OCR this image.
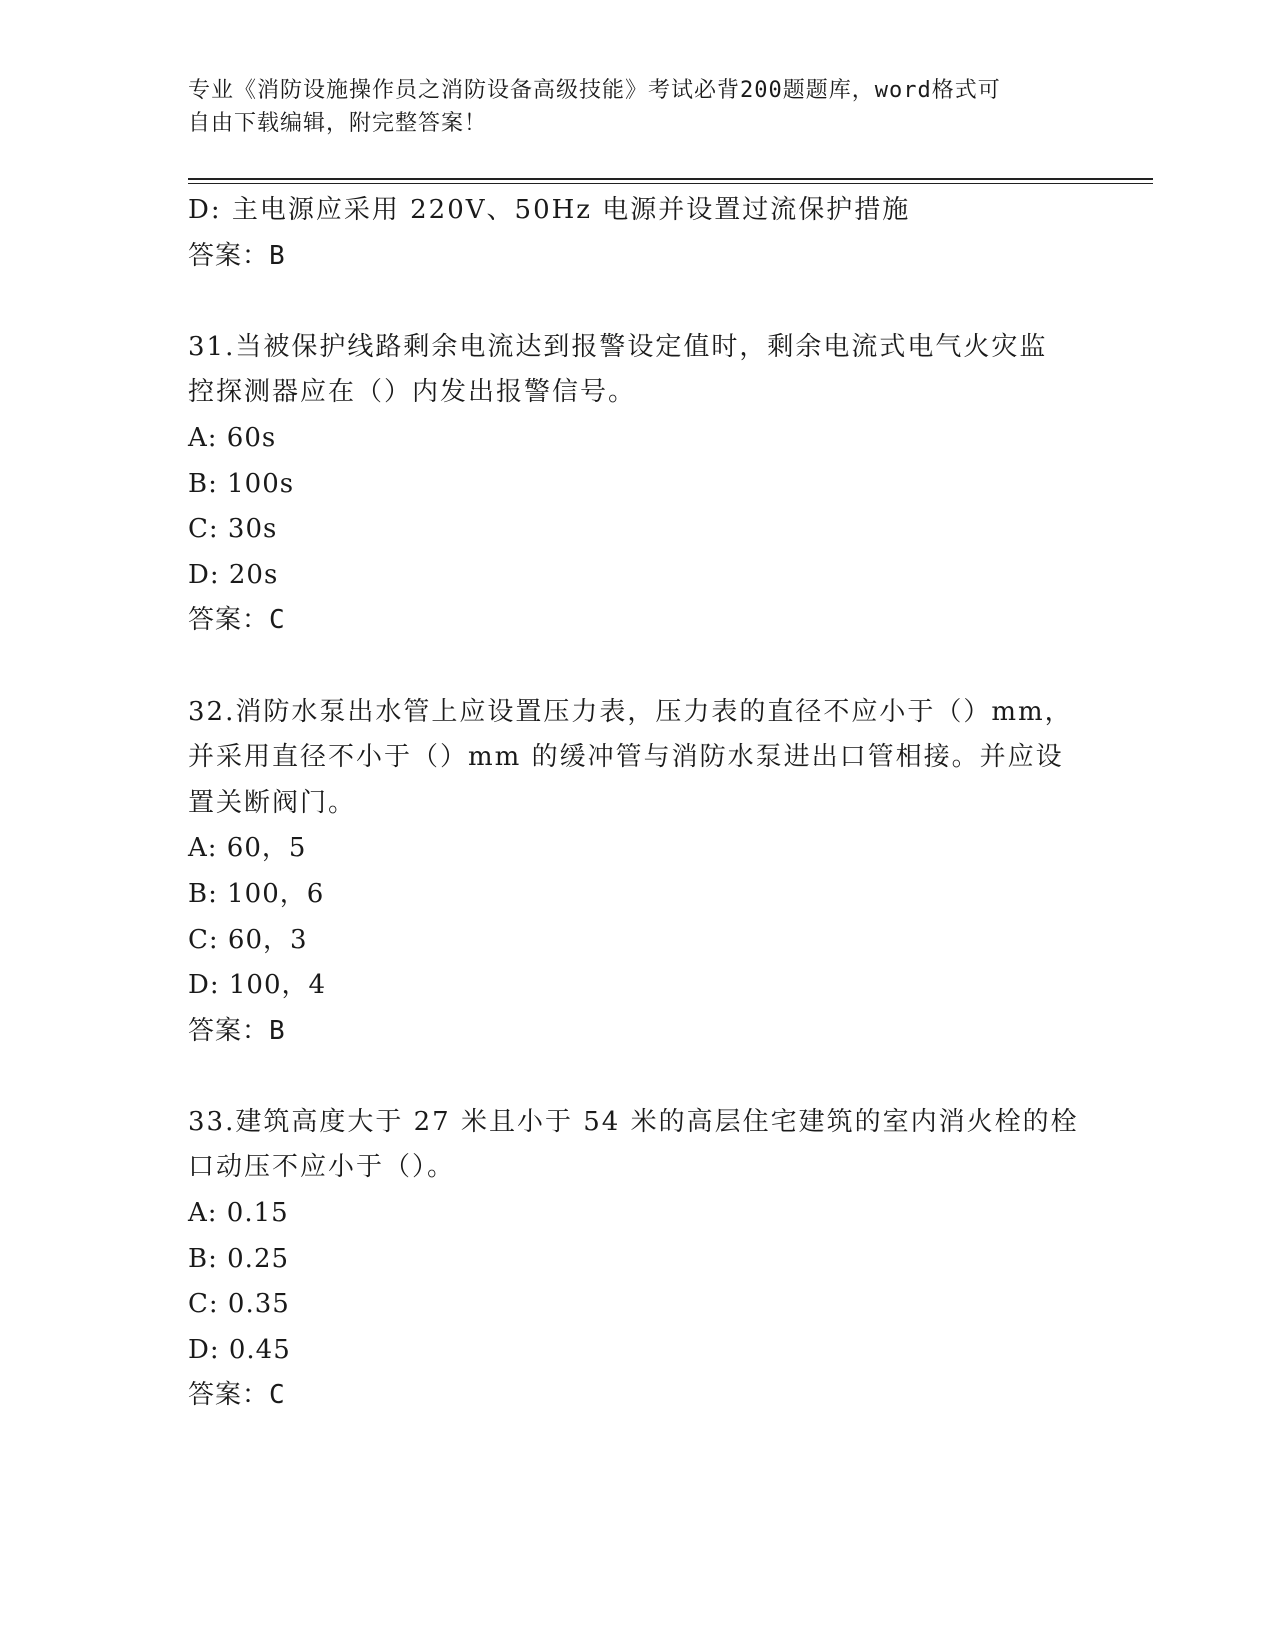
专业《消防设施操作员之消防设备高级技能》考试必背200题题库，word格式可
自由下载编辑，附完整答案！
D: 主电源应采用 220V、50Hz 电源并设置过流保护措施
答案：B
31.当被保护线路剩余电流达到报警设定值时，剩余电流式电气火灾监
控探测器应在（）内发出报警信号。
A: 60s
B: 100s
C: 30s
D: 20s
答案：C
32.消防水泵出水管上应设置压力表，压力表的直径不应小于（）mm，
并采用直径不小于（）mm 的缓冲管与消防水泵进出口管相接。并应设
置关断阀门。
A: 60，5
B: 100，6
C: 60，3
D: 100，4
答案：B
33.建筑高度大于 27 米且小于 54 米的高层住宅建筑的室内消火栓的栓
口动压不应小于（）。
A: 0.15
B: 0.25
C: 0.35
D: 0.45
答案：C
